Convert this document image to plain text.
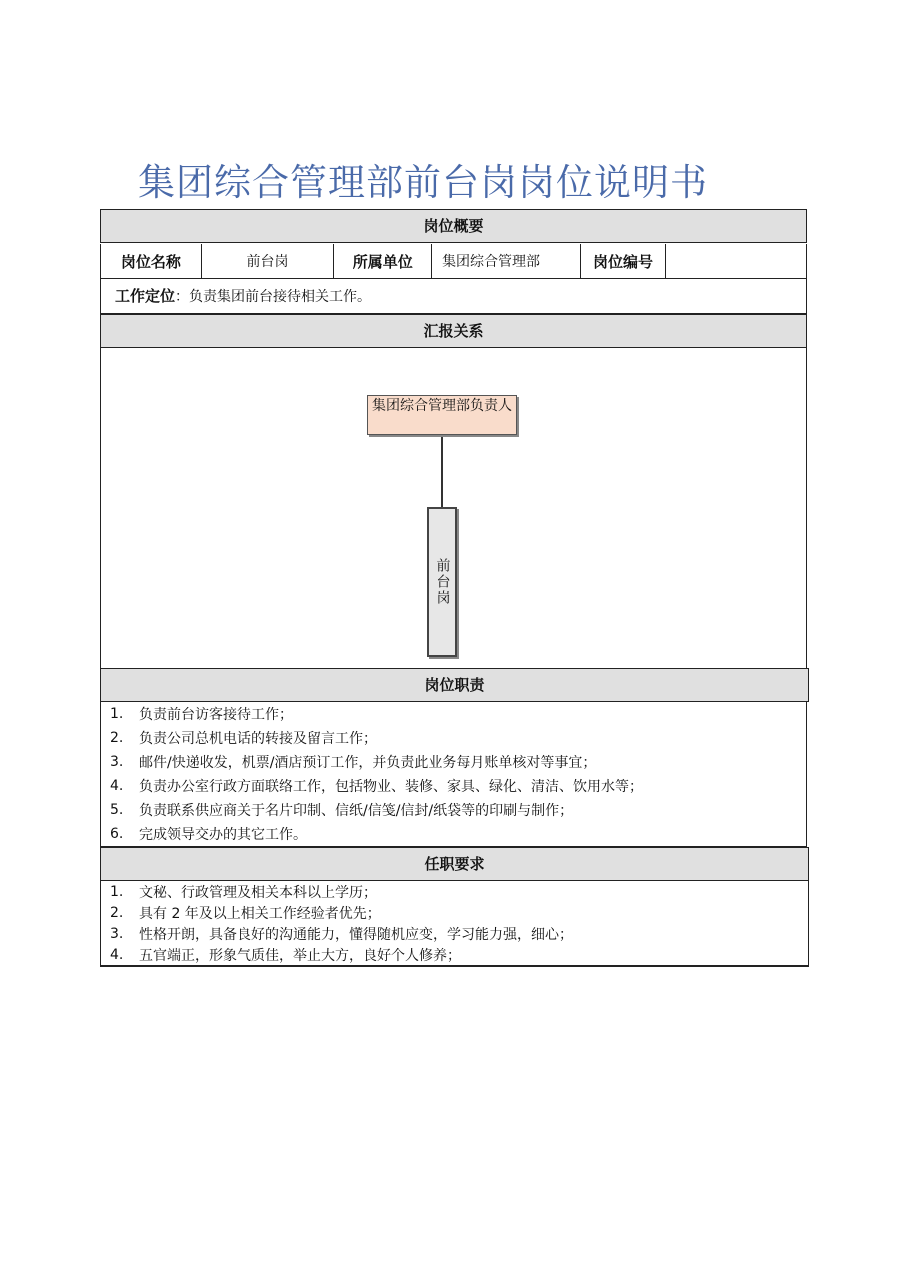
集团综合管理部前台岗岗位说明书
岗位概要
岗位名称	前台岗	所属单位	集团综合管理部	岗位编号
工作定位：负责集团前台接待相关工作。
汇报关系
集团综合管理部负责人
前台岗
岗位职责
1.	负责前台访客接待工作；
2.	负责公司总机电话的转接及留言工作；
3.	邮件/快递收发，机票/酒店预订工作，并负责此业务每月账单核对等事宜；
4.	负责办公室行政方面联络工作，包括物业、装修、家具、绿化、清洁、饮用水等；
5.	负责联系供应商关于名片印制、信纸/信笺/信封/纸袋等的印刷与制作；
6.	完成领导交办的其它工作。
任职要求
1.	文秘、行政管理及相关本科以上学历；
2.	具有 2 年及以上相关工作经验者优先；
3.	性格开朗，具备良好的沟通能力，懂得随机应变，学习能力强，细心；
4.	五官端正，形象气质佳，举止大方，良好个人修养；
